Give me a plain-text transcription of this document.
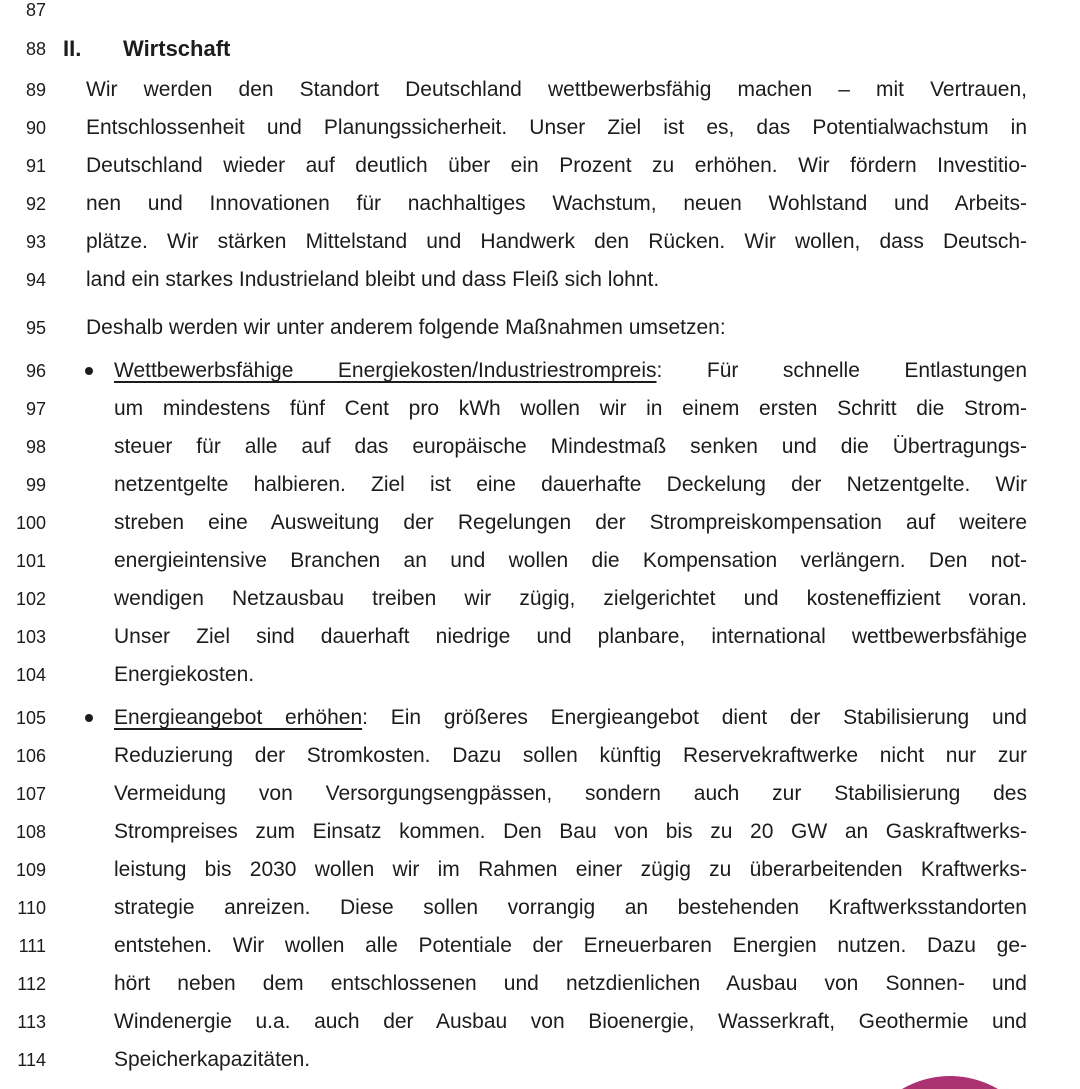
87
88 II. Wirtschaft
89 Wir werden den Standort Deutschland wettbewerbsfähig machen – mit Vertrauen,
90 Entschlossenheit und Planungssicherheit. Unser Ziel ist es, das Potentialwachstum in
91 Deutschland wieder auf deutlich über ein Prozent zu erhöhen. Wir fördern Investitio-
92 nen und Innovationen für nachhaltiges Wachstum, neuen Wohlstand und Arbeits-
93 plätze. Wir stärken Mittelstand und Handwerk den Rücken. Wir wollen, dass Deutsch-
94 land ein starkes Industrieland bleibt und dass Fleiß sich lohnt.
95 Deshalb werden wir unter anderem folgende Maßnahmen umsetzen:
96	Wettbewerbsfähige Energiekosten/Industriestrompreis: Für schnelle Entlastungen
97	um mindestens fünf Cent pro kWh wollen wir in einem ersten Schritt die Strom-
98	steuer für alle auf das europäische Mindestmaß senken und die Übertragungs-
99	netzentgelte halbieren. Ziel ist eine dauerhafte Deckelung der Netzentgelte. Wir
100	streben eine Ausweitung der Regelungen der Strompreiskompensation auf weitere
101	energieintensive Branchen an und wollen die Kompensation verlängern. Den not-
102	wendigen Netzausbau treiben wir zügig, zielgerichtet und kosteneffizient voran.
103	Unser Ziel sind dauerhaft niedrige und planbare, international wettbewerbsfähige
104	Energiekosten.
105	Energieangebot erhöhen: Ein größeres Energieangebot dient der Stabilisierung und
106	Reduzierung der Stromkosten. Dazu sollen künftig Reservekraftwerke nicht nur zur
107	Vermeidung von Versorgungsengpässen, sondern auch zur Stabilisierung des
108	Strompreises zum Einsatz kommen. Den Bau von bis zu 20 GW an Gaskraftwerks-
109	leistung bis 2030 wollen wir im Rahmen einer zügig zu überarbeitenden Kraftwerks-
110	strategie anreizen. Diese sollen vorrangig an bestehenden Kraftwerksstandorten
111	entstehen. Wir wollen alle Potentiale der Erneuerbaren Energien nutzen. Dazu ge-
112	hört neben dem entschlossenen und netzdienlichen Ausbau von Sonnen- und
113	Windenergie u.a. auch der Ausbau von Bioenergie, Wasserkraft, Geothermie und
114	Speicherkapazitäten.
